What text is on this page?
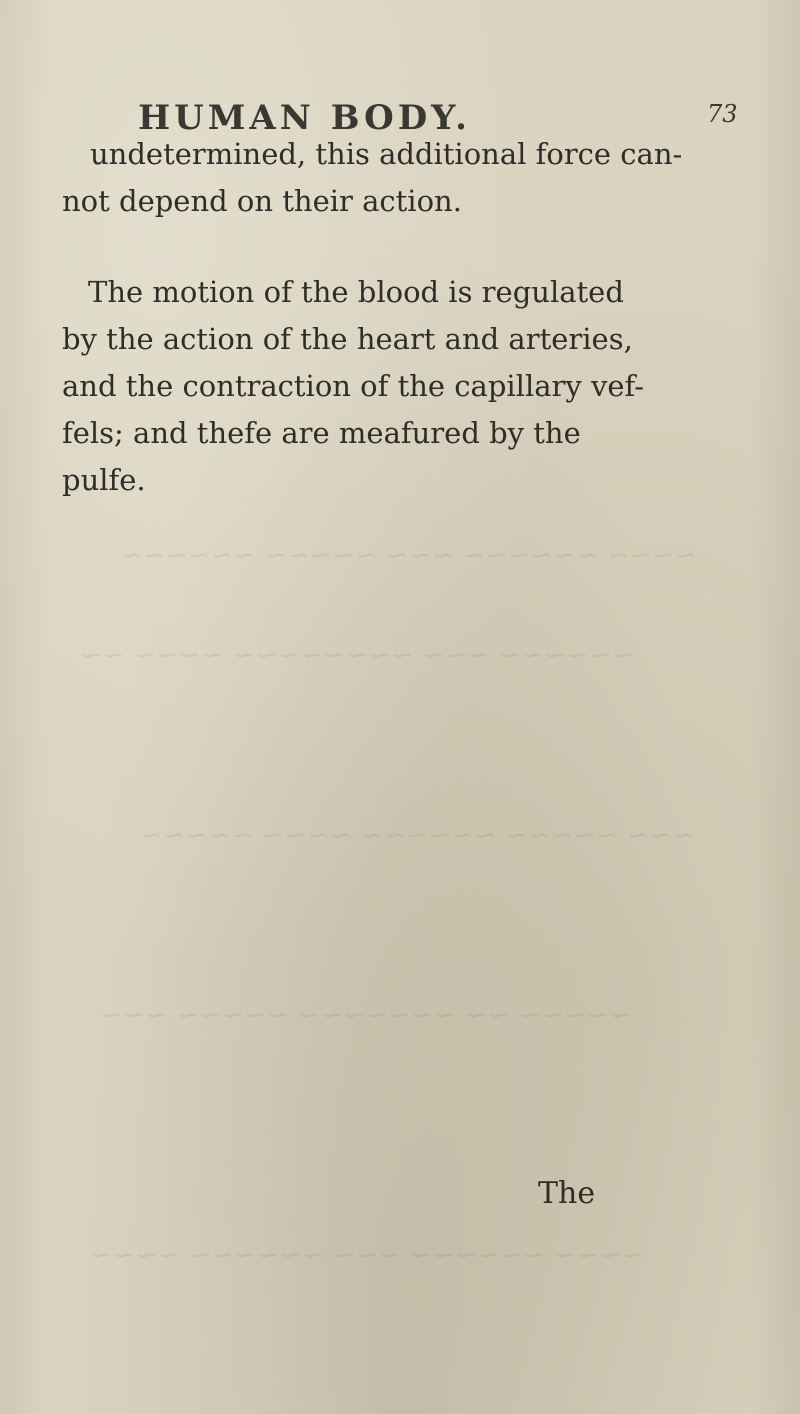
HUMAN BODY.	73
undetermined, this additional force can-
not depend on their action.
The motion of the blood is regulated
by the action of the heart and arteries,
and the contraction of the capillary vef-
fels; and thefe are meafured by the
pulfe.
The
~~~~ ~~~~~~ ~~~ ~~~~~ ~~~~~~
~~~~~~ ~~~ ~~~~~~~~ ~~~~ ~~
~~~ ~~~~~ ~~~~~~ ~~~~ ~~~~~
~~~~~ ~~ ~~~~~~~ ~~~~~ ~~~
~~~~ ~~~~~~ ~~~ ~~~~~~ ~~~~
